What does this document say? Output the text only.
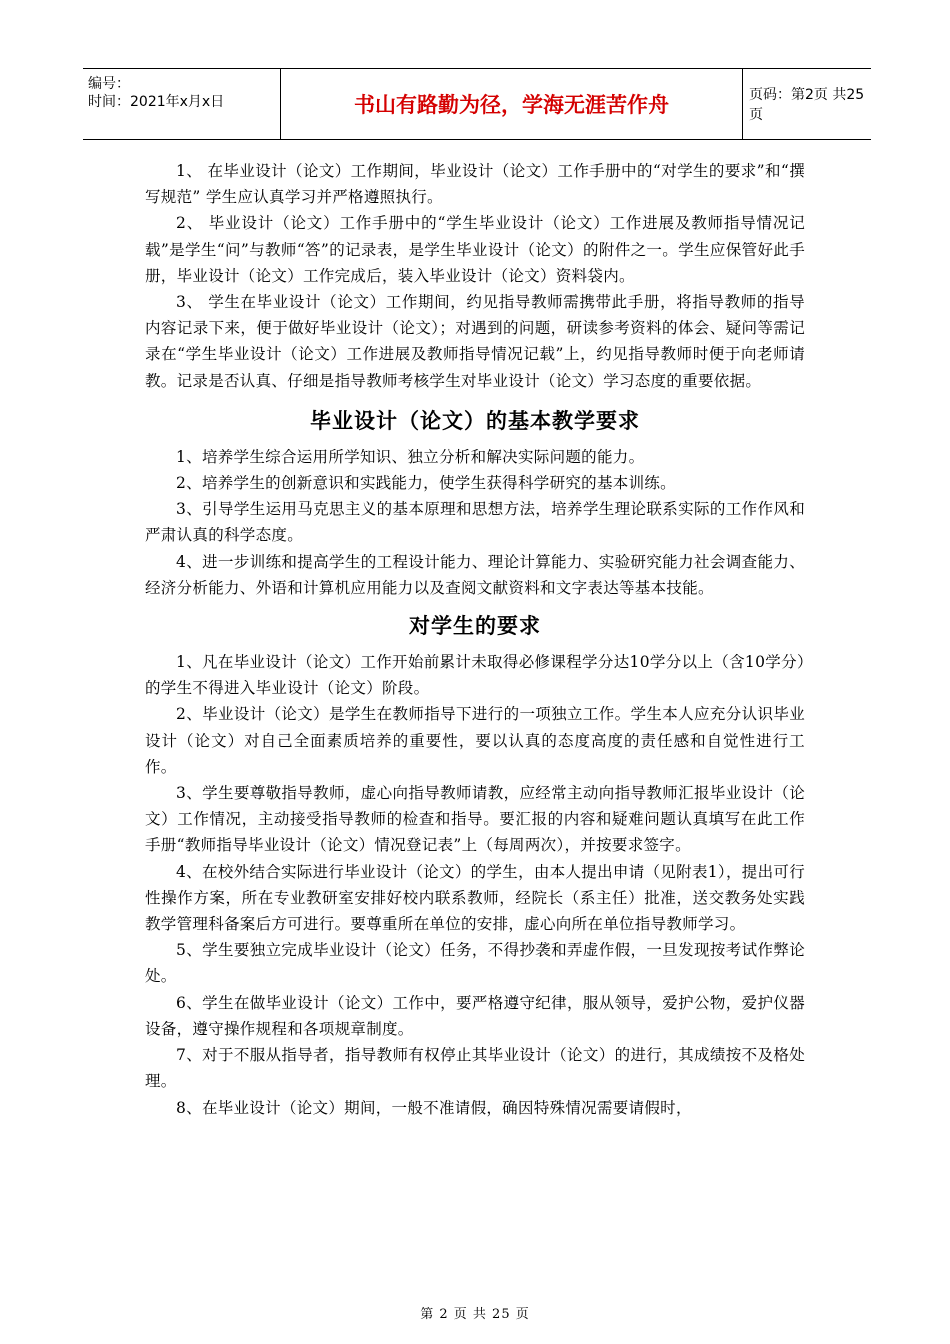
编号：
时间：2021年x月x日	书山有路勤为径，学海无涯苦作舟	页码：第2页 共25页

1、 在毕业设计（论文）工作期间，毕业设计（论文）工作手册中的“对学生的要求”和“撰写规范” 学生应认真学习并严格遵照执行。

2、 毕业设计（论文）工作手册中的“学生毕业设计（论文）工作进展及教师指导情况记载”是学生“问”与教师“答”的记录表，是学生毕业设计（论文）的附件之一。学生应保管好此手册，毕业设计（论文）工作完成后，装入毕业设计（论文）资料袋内。

3、 学生在毕业设计（论文）工作期间，约见指导教师需携带此手册，将指导教师的指导内容记录下来，便于做好毕业设计（论文）；对遇到的问题，研读参考资料的体会、疑问等需记录在“学生毕业设计（论文）工作进展及教师指导情况记载”上，约见指导教师时便于向老师请教。记录是否认真、仔细是指导教师考核学生对毕业设计（论文）学习态度的重要依据。

毕业设计（论文）的基本教学要求

1、培养学生综合运用所学知识、独立分析和解决实际问题的能力。

2、培养学生的创新意识和实践能力，使学生获得科学研究的基本训练。

3、引导学生运用马克思主义的基本原理和思想方法，培养学生理论联系实际的工作作风和严肃认真的科学态度。

4、进一步训练和提高学生的工程设计能力、理论计算能力、实验研究能力社会调查能力、经济分析能力、外语和计算机应用能力以及查阅文献资料和文字表达等基本技能。

对学生的要求

1、凡在毕业设计（论文）工作开始前累计未取得必修课程学分达10学分以上（含10学分）的学生不得进入毕业设计（论文）阶段。

2、毕业设计（论文）是学生在教师指导下进行的一项独立工作。学生本人应充分认识毕业设计（论文）对自己全面素质培养的重要性，要以认真的态度高度的责任感和自觉性进行工作。

3、学生要尊敬指导教师，虚心向指导教师请教，应经常主动向指导教师汇报毕业设计（论文）工作情况，主动接受指导教师的检查和指导。要汇报的内容和疑难问题认真填写在此工作手册“教师指导毕业设计（论文）情况登记表”上（每周两次），并按要求签字。

4、在校外结合实际进行毕业设计（论文）的学生，由本人提出申请（见附表1），提出可行性操作方案，所在专业教研室安排好校内联系教师，经院长（系主任）批准，送交教务处实践教学管理科备案后方可进行。要尊重所在单位的安排，虚心向所在单位指导教师学习。

5、学生要独立完成毕业设计（论文）任务，不得抄袭和弄虚作假，一旦发现按考试作弊论处。

6、学生在做毕业设计（论文）工作中，要严格遵守纪律，服从领导，爱护公物，爱护仪器设备，遵守操作规程和各项规章制度。

7、对于不服从指导者，指导教师有权停止其毕业设计（论文）的进行，其成绩按不及格处理。

8、在毕业设计（论文）期间，一般不准请假，确因特殊情况需要请假时，

第 2 页 共 25 页
